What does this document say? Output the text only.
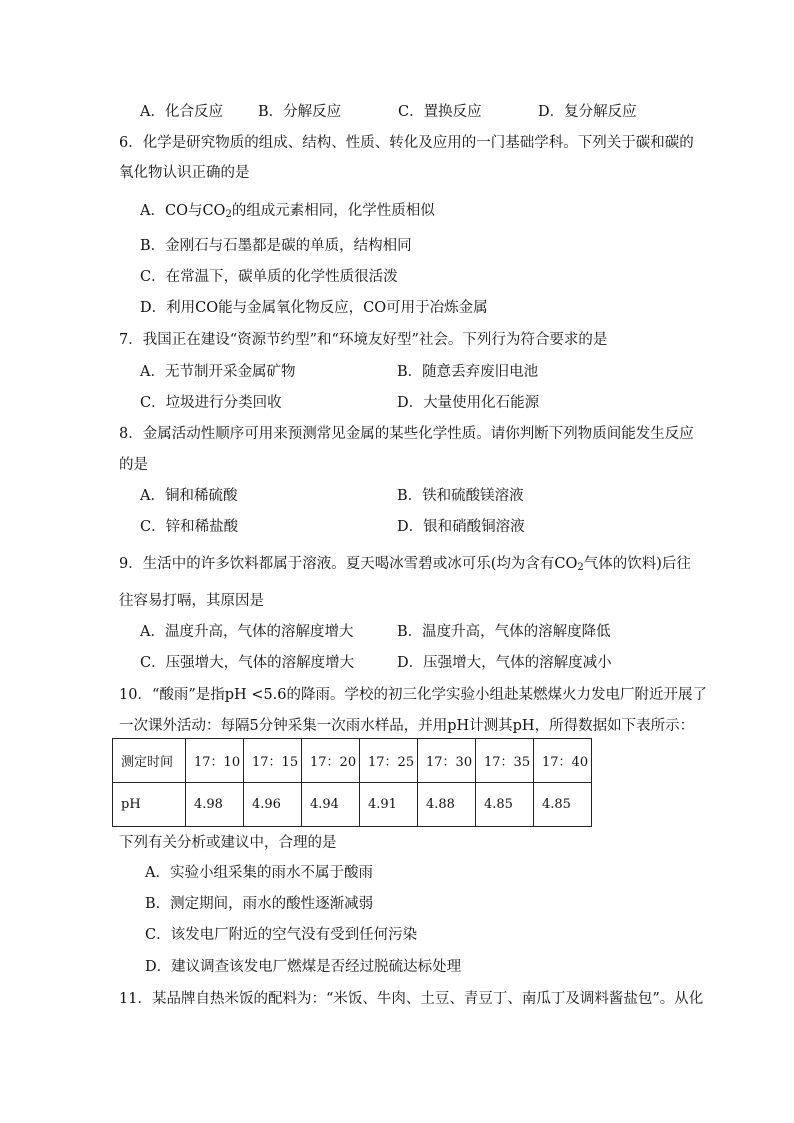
A．化合反应 B．分解反应	C．置换反应	D．复分解反应
6．化学是研究物质的组成、结构、性质、转化及应用的一门基础学科。下列关于碳和碳的
氧化物认识正确的是
A．CO与$CO_2$的组成元素相同，化学性质相似
B．金刚石与石墨都是碳的单质，结构相同
C．在常温下，碳单质的化学性质很活泼
D．利用CO能与金属氧化物反应，CO可用于冶炼金属
7．我国正在建设“资源节约型”和“环境友好型”社会。下列行为符合要求的是
A．无节制开采金属矿物	B．随意丢弃废旧电池
C．垃圾进行分类回收	D．大量使用化石能源
8．金属活动性顺序可用来预测常见金属的某些化学性质。请你判断下列物质间能发生反应
的是
A．铜和稀硫酸	B．铁和硫酸镁溶液
C．锌和稀盐酸	D．银和硝酸铜溶液
9．生活中的许多饮料都属于溶液。夏天喝冰雪碧或冰可乐(均为含有$CO_2$气体的饮料)后往
往容易打嗝，其原因是
A．温度升高，气体的溶解度增大	B．温度升高，气体的溶解度降低
C．压强增大，气体的溶解度增大	D．压强增大，气体的溶解度减小
10．“酸雨”是指pH <5.6的降雨。学校的初三化学实验小组赴某燃煤火力发电厂附近开展了
一次课外活动：每隔5分钟采集一次雨水样品，并用pH计测其pH，所得数据如下表所示：
测定时间	17：10	17：15	17：20	17：25	17：30	17：35	17：40
pH	4.98	4.96	4.94	4.91	4.88	4.85	4.85
下列有关分析或建议中，合理的是
A．实验小组采集的雨水不属于酸雨
B．测定期间，雨水的酸性逐渐减弱
C．该发电厂附近的空气没有受到任何污染
D．建议调查该发电厂燃煤是否经过脱硫达标处理
11．某品牌自热米饭的配料为：“米饭、牛肉、土豆、青豆丁、南瓜丁及调料酱盐包”。从化
